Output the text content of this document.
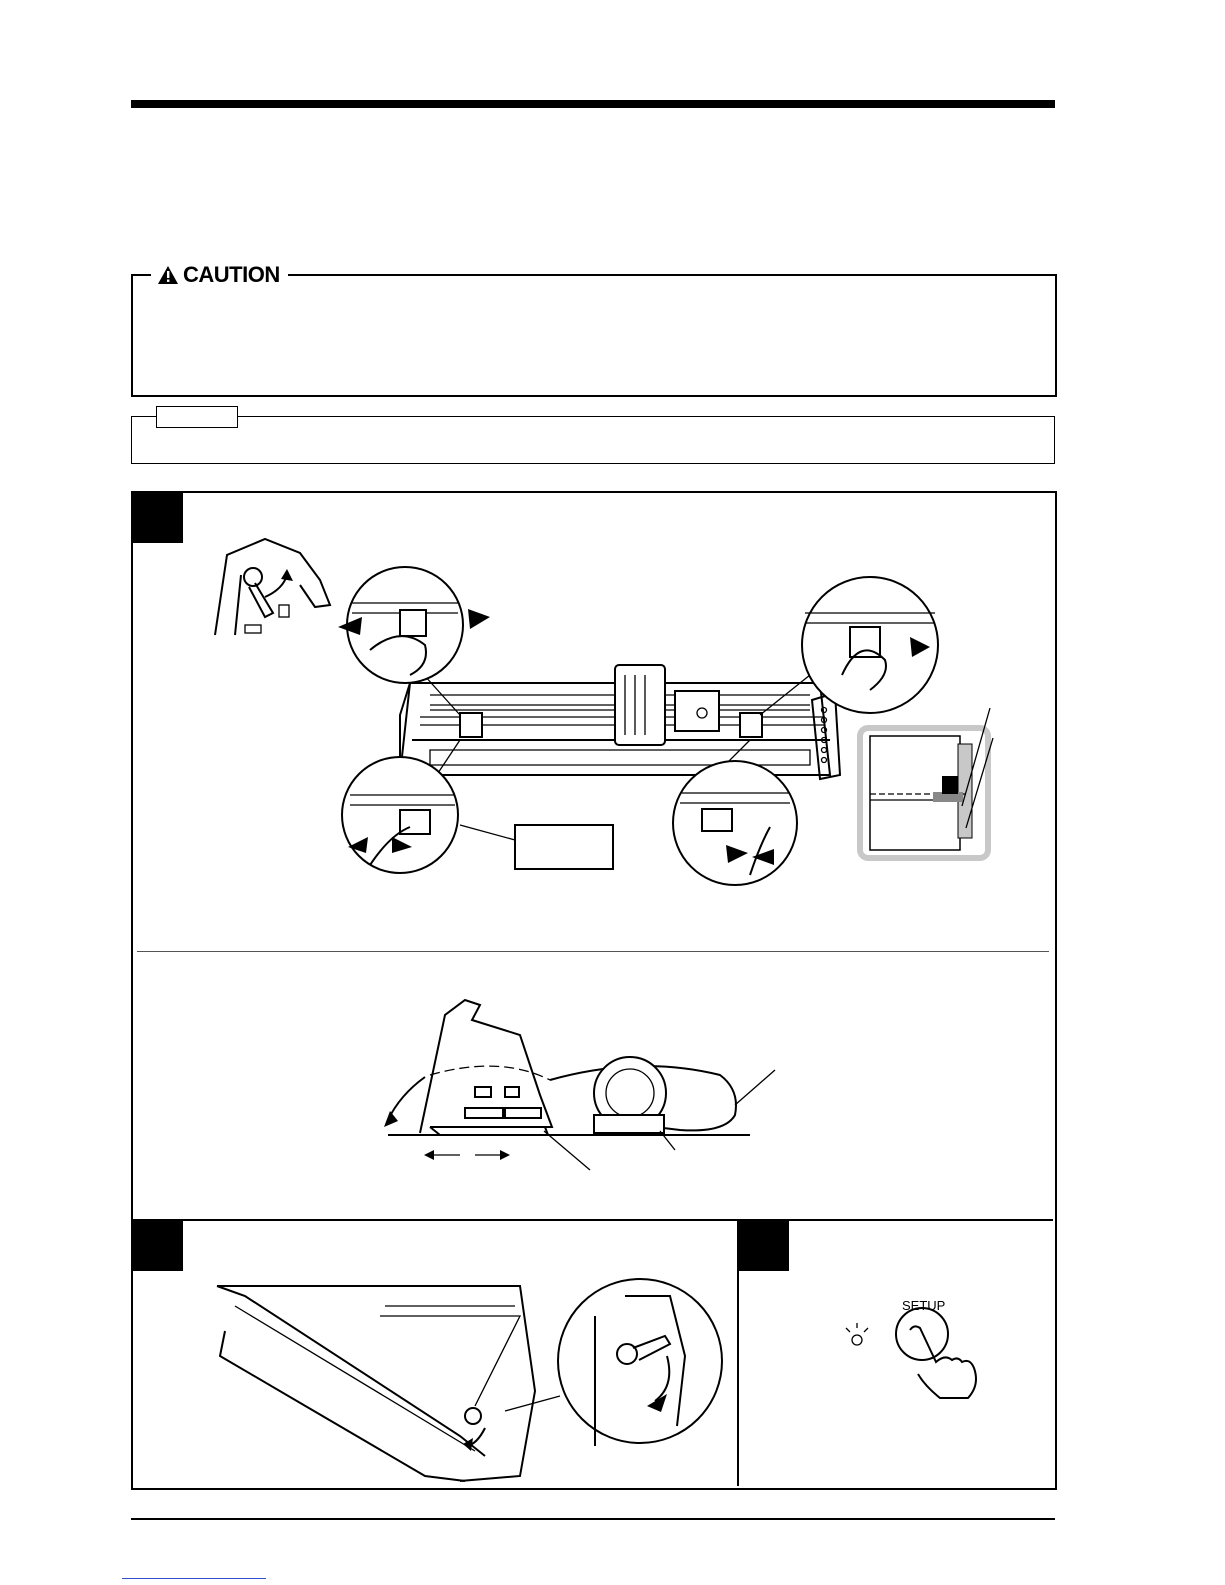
CAUTION
SETUP
